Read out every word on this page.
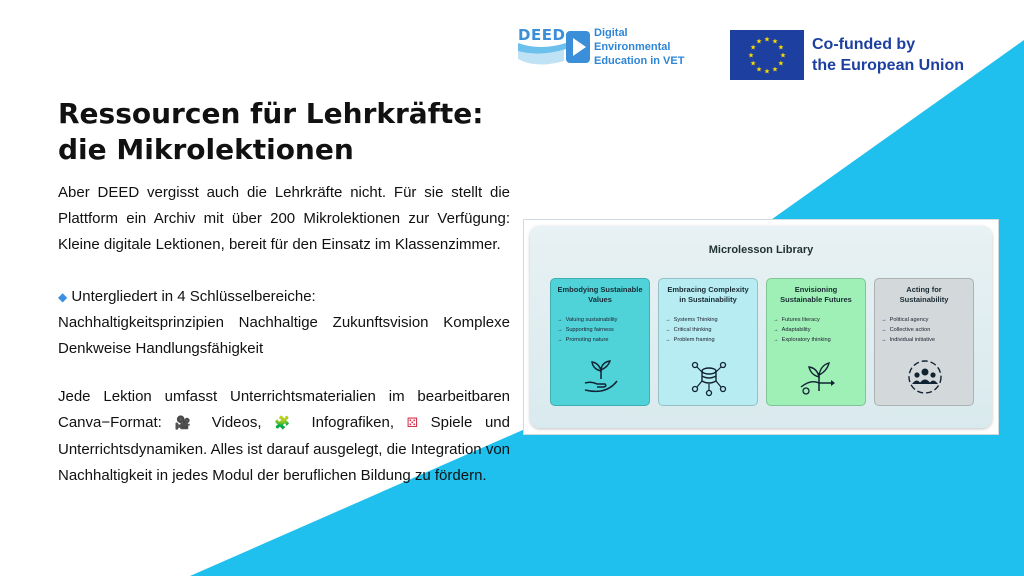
DEED	Digital
Environmental
Education in VET
★ ★
★
★
★
★
★
★
★
★
★
★	Co-funded by
the European Union
Ressourcen für Lehrkräfte:
die Mikrolektionen

Aber DEED vergisst auch die Lehrkräfte nicht. Für sie stellt die Plattform ein Archiv mit über 200 Mikrolektionen zur Verfügung: Kleine digitale Lektionen, bereit für den Einsatz im Klassenzimmer.

◆ Untergliedert in 4 Schlüsselbereiche:
Nachhaltigkeitsprinzipien Nachhaltige Zukunftsvision Komplexe Denkweise Handlungsfähigkeit

Jede Lektion umfasst Unterrichtsmaterialien im bearbeitbaren Canva−Format: 🎥 Videos, 🧩 Infografiken, ⚄ Spiele und Unterrichtsdynamiken. Alles ist darauf ausgelegt, die Integration von Nachhaltigkeit in jedes Modul der beruflichen Bildung zu fördern.

Microlesson Library
Embodying Sustainable Values
→ Valuing sustainability
→ Supporting fairness
→ Promoting nature
Embracing Complexity in Sustainability
→ Systems Thinking
→ Critical thinking
→ Problem framing
Envisioning Sustainable Futures
→ Futures literacy
→ Adaptability
→ Exploratory thinking
Acting for Sustainability
→ Political agency
→ Collective action
→ Individual initiative
